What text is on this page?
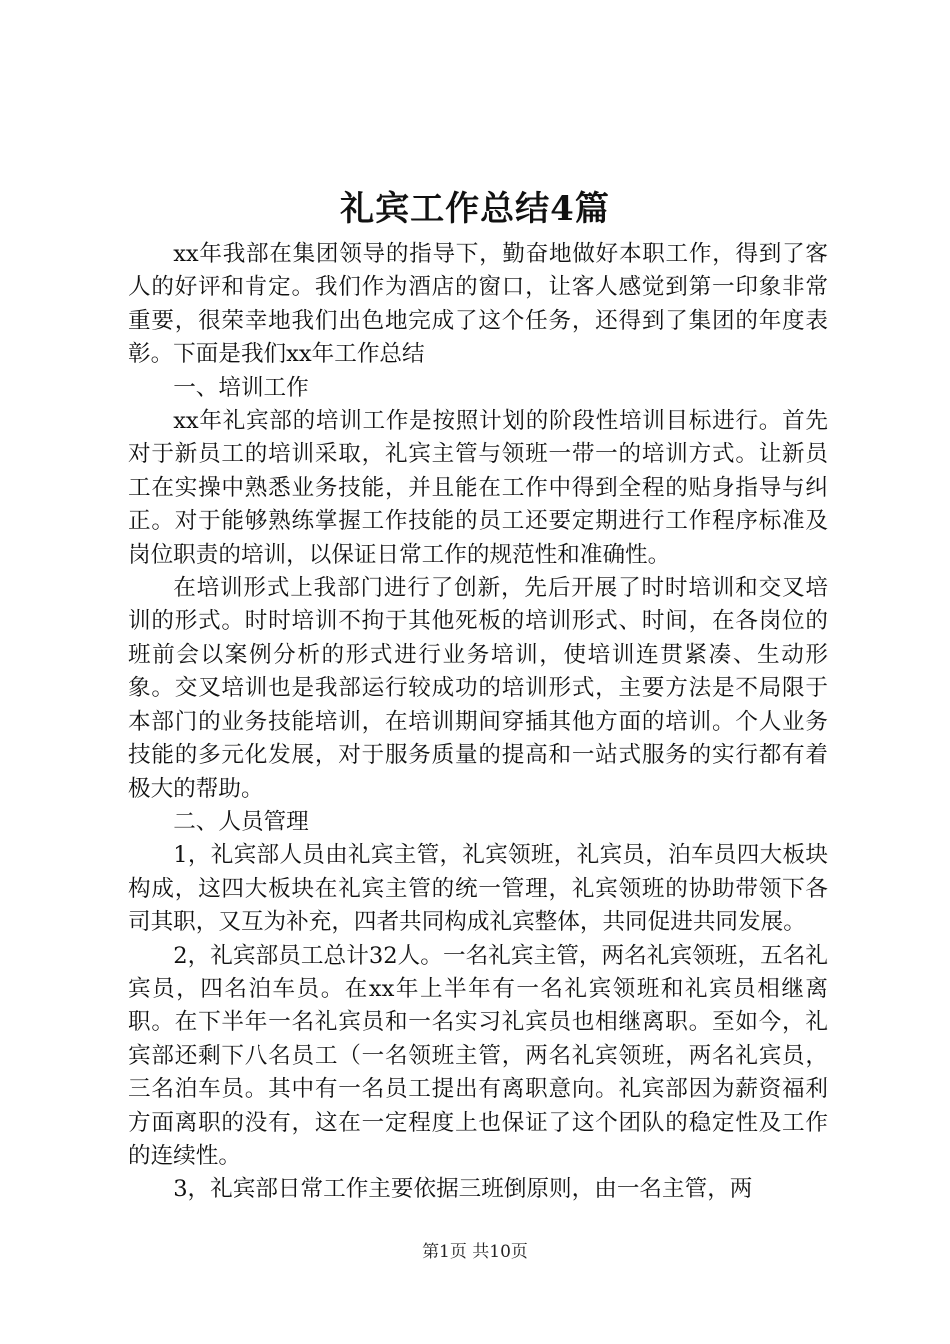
礼宾工作总结4篇

xx年我部在集团领导的指导下，勤奋地做好本职工作，得到了客人的好评和肯定。我们作为酒店的窗口，让客人感觉到第一印象非常重要，很荣幸地我们出色地完成了这个任务，还得到了集团的年度表彰。下面是我们xx年工作总结

一、培训工作

xx年礼宾部的培训工作是按照计划的阶段性培训目标进行。首先对于新员工的培训采取，礼宾主管与领班一带一的培训方式。让新员工在实操中熟悉业务技能，并且能在工作中得到全程的贴身指导与纠正。对于能够熟练掌握工作技能的员工还要定期进行工作程序标准及岗位职责的培训，以保证日常工作的规范性和准确性。

在培训形式上我部门进行了创新，先后开展了时时培训和交叉培训的形式。时时培训不拘于其他死板的培训形式、时间，在各岗位的班前会以案例分析的形式进行业务培训，使培训连贯紧凑、生动形象。交叉培训也是我部运行较成功的培训形式，主要方法是不局限于本部门的业务技能培训，在培训期间穿插其他方面的培训。个人业务技能的多元化发展，对于服务质量的提高和一站式服务的实行都有着极大的帮助。

二、人员管理

1，礼宾部人员由礼宾主管，礼宾领班，礼宾员，泊车员四大板块构成，这四大板块在礼宾主管的统一管理，礼宾领班的协助带领下各司其职，又互为补充，四者共同构成礼宾整体，共同促进共同发展。

2，礼宾部员工总计32人。一名礼宾主管，两名礼宾领班，五名礼宾员，四名泊车员。在xx年上半年有一名礼宾领班和礼宾员相继离职。在下半年一名礼宾员和一名实习礼宾员也相继离职。至如今，礼宾部还剩下八名员工（一名领班主管，两名礼宾领班，两名礼宾员，三名泊车员。其中有一名员工提出有离职意向。礼宾部因为薪资福利方面离职的没有，这在一定程度上也保证了这个团队的稳定性及工作的连续性。

3，礼宾部日常工作主要依据三班倒原则，由一名主管，两

第1页 共10页
